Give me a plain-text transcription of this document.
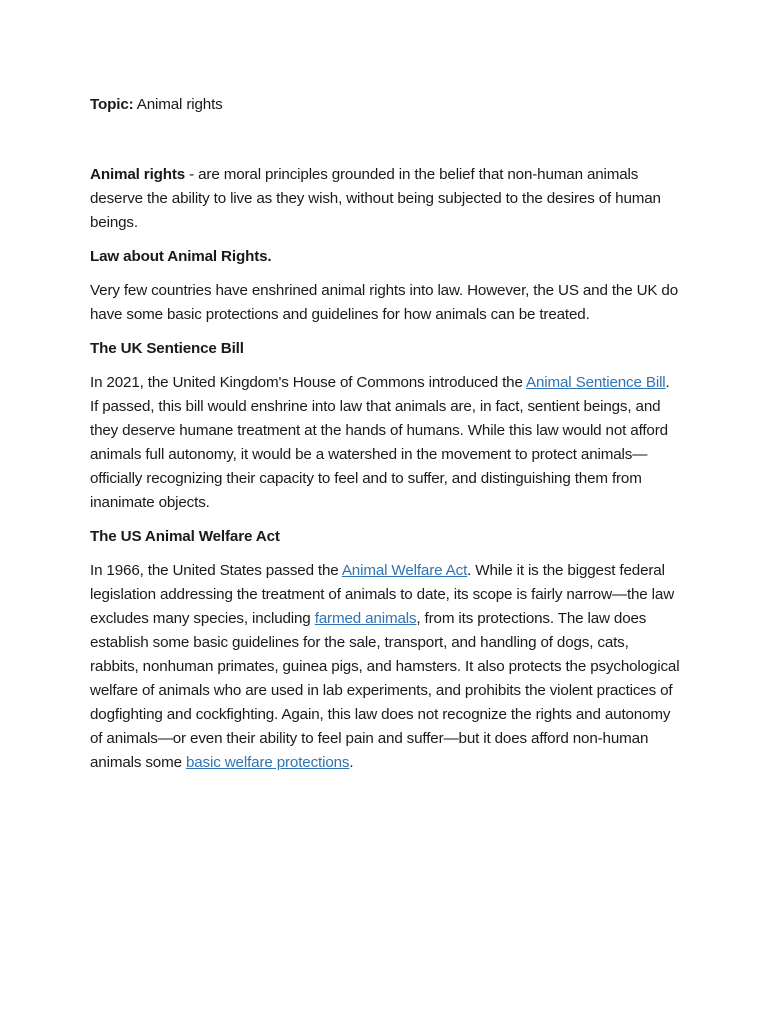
Topic: Animal rights

Animal rights - are moral principles grounded in the belief that non-human animals deserve the ability to live as they wish, without being subjected to the desires of human beings.

Law about Animal Rights.

Very few countries have enshrined animal rights into law. However, the US and the UK do have some basic protections and guidelines for how animals can be treated.

The UK Sentience Bill

In 2021, the United Kingdom's House of Commons introduced the Animal Sentience Bill. If passed, this bill would enshrine into law that animals are, in fact, sentient beings, and they deserve humane treatment at the hands of humans. While this law would not afford animals full autonomy, it would be a watershed in the movement to protect animals—officially recognizing their capacity to feel and to suffer, and distinguishing them from inanimate objects.

The US Animal Welfare Act

In 1966, the United States passed the Animal Welfare Act. While it is the biggest federal legislation addressing the treatment of animals to date, its scope is fairly narrow—the law excludes many species, including farmed animals, from its protections. The law does establish some basic guidelines for the sale, transport, and handling of dogs, cats, rabbits, nonhuman primates, guinea pigs, and hamsters. It also protects the psychological welfare of animals who are used in lab experiments, and prohibits the violent practices of dogfighting and cockfighting. Again, this law does not recognize the rights and autonomy of animals—or even their ability to feel pain and suffer—but it does afford non-human animals some basic welfare protections.
